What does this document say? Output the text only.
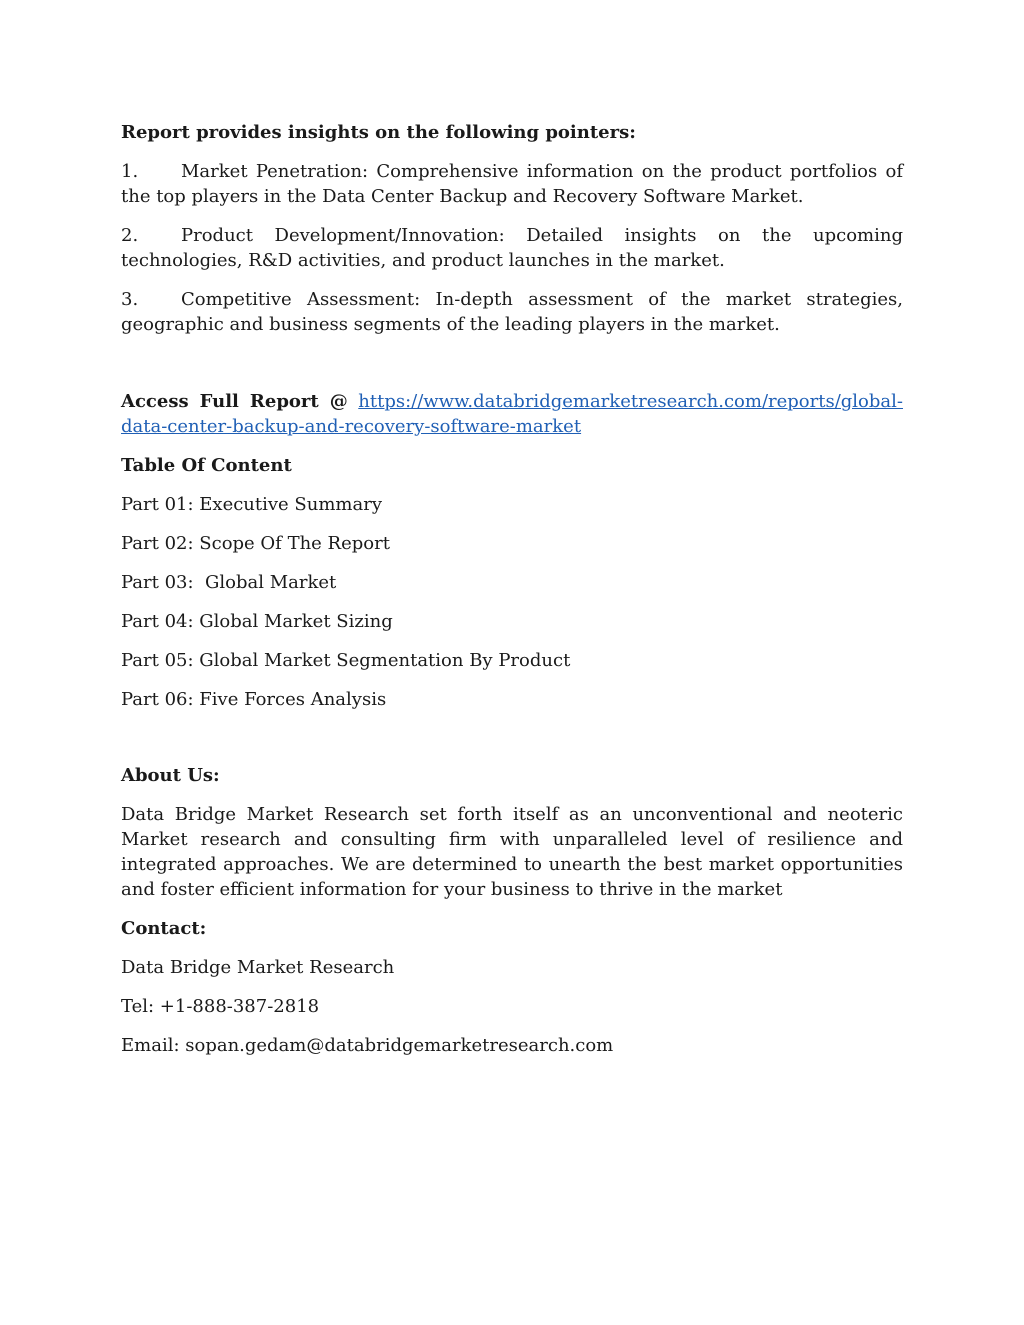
Report provides insights on the following pointers:
1. Market Penetration: Comprehensive information on the product portfolios of the top players in the Data Center Backup and Recovery Software Market.
2. Product Development/Innovation: Detailed insights on the upcoming technologies, R&D activities, and product launches in the market.
3. Competitive Assessment: In-depth assessment of the market strategies, geographic and business segments of the leading players in the market.
Access Full Report @ https://www.databridgemarketresearch.com/reports/global-data-center-backup-and-recovery-software-market
Table Of Content
Part 01: Executive Summary
Part 02: Scope Of The Report
Part 03:  Global Market
Part 04: Global Market Sizing
Part 05: Global Market Segmentation By Product
Part 06: Five Forces Analysis
About Us:
Data Bridge Market Research set forth itself as an unconventional and neoteric Market research and consulting firm with unparalleled level of resilience and integrated approaches. We are determined to unearth the best market opportunities and foster efficient information for your business to thrive in the market
Contact:
Data Bridge Market Research
Tel: +1-888-387-2818
Email: sopan.gedam@databridgemarketresearch.com
